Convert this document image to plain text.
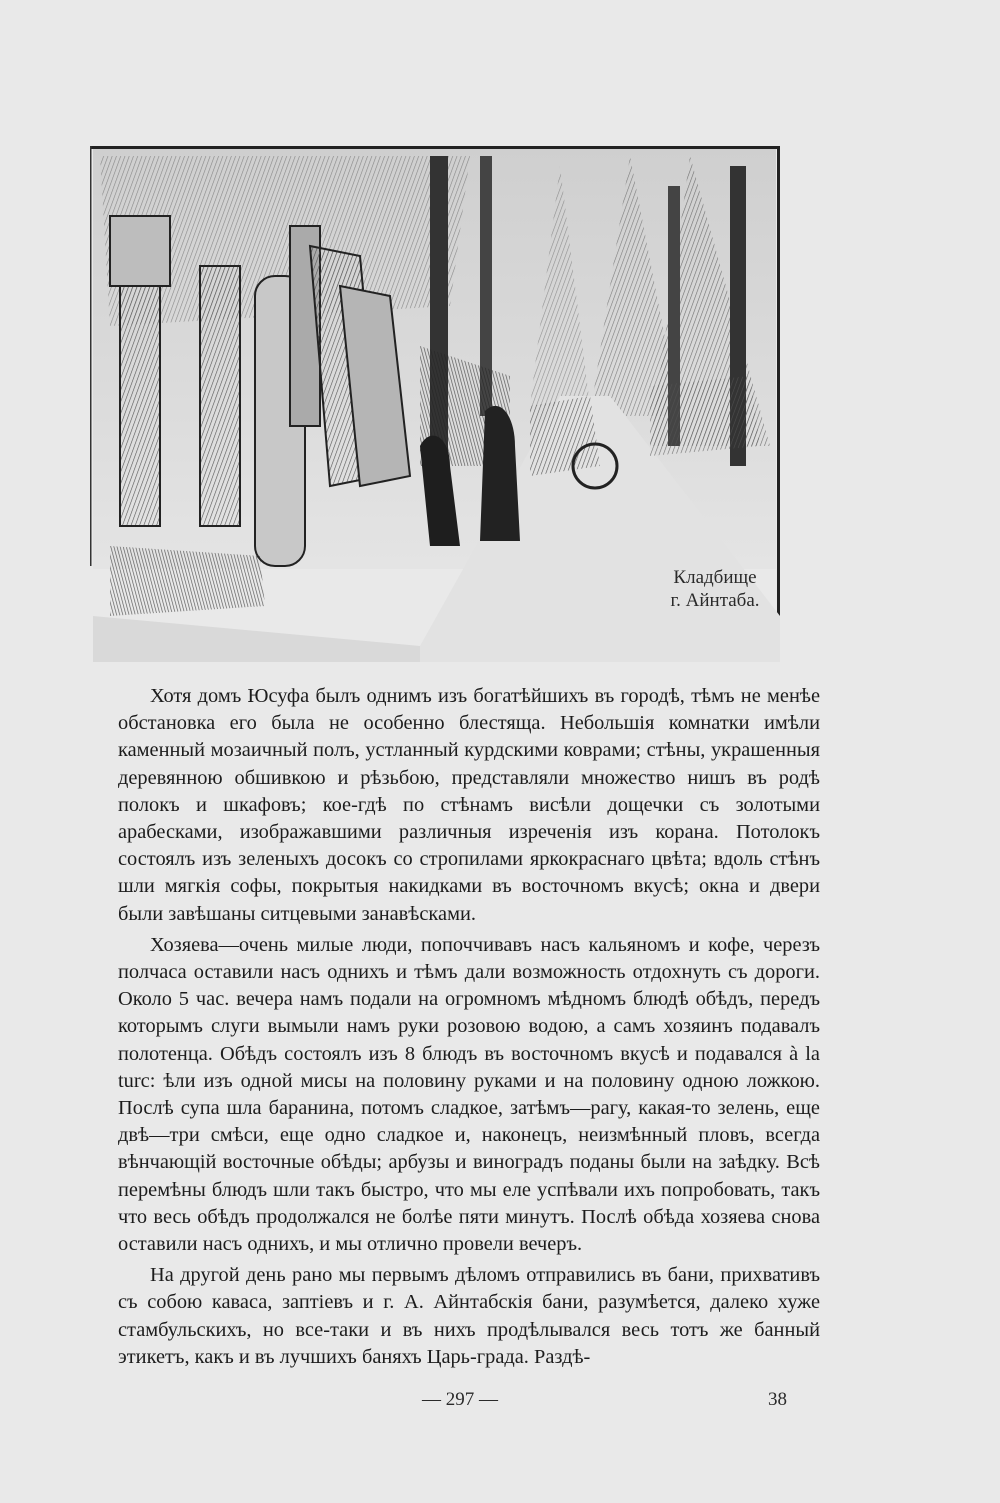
Кладбище
г. Айнтаба.

Хотя домъ Юсуфа былъ однимъ изъ богатѣйшихъ въ городѣ, тѣмъ не менѣе обстановка его была не особенно блестяща. Небольшія комнатки имѣли каменный мозаичный полъ, устланный курдскими коврами; стѣны, украшенныя деревянною обшивкою и рѣзьбою, представляли множество нишъ въ родѣ полокъ и шкафовъ; кое-гдѣ по стѣнамъ висѣли дощечки съ золотыми арабесками, изображавшими различныя изреченія изъ корана. Потолокъ состоялъ изъ зеленыхъ досокъ со стропилами яркокраснаго цвѣта; вдоль стѣнъ шли мягкія софы, покрытыя накидками въ восточномъ вкусѣ; окна и двери были завѣшаны ситцевыми занавѣсками.

Хозяева—очень милые люди, попоччивавъ насъ кальяномъ и кофе, черезъ полчаса оставили насъ однихъ и тѣмъ дали возможность отдохнуть съ дороги. Около 5 час. вечера намъ подали на огромномъ мѣдномъ блюдѣ обѣдъ, передъ которымъ слуги вымыли намъ руки розовою водою, а самъ хозяинъ подавалъ полотенца. Обѣдъ состоялъ изъ 8 блюдъ въ восточномъ вкусѣ и подавался à la turc: ѣли изъ одной мисы на половину руками и на половину одною ложкою. Послѣ супа шла баранина, потомъ сладкое, затѣмъ—рагу, какая-то зелень, еще двѣ—три смѣси, еще одно сладкое и, наконецъ, неизмѣнный пловъ, всегда вѣнчающій восточные обѣды; арбузы и виноградъ поданы были на заѣдку. Всѣ перемѣны блюдъ шли такъ быстро, что мы еле успѣвали ихъ попробовать, такъ что весь обѣдъ продолжался не болѣе пяти минутъ. Послѣ обѣда хозяева снова оставили насъ однихъ, и мы отлично провели вечеръ.

На другой день рано мы первымъ дѣломъ отправились въ бани, прихвативъ съ собою каваса, заптіевъ и г. А. Айнтабскія бани, разумѣется, далеко хуже стамбульскихъ, но все-таки и въ нихъ продѣлывался весь тотъ же банный этикетъ, какъ и въ лучшихъ баняхъ Царь-града. Раздѣ-

— 297 —	38
